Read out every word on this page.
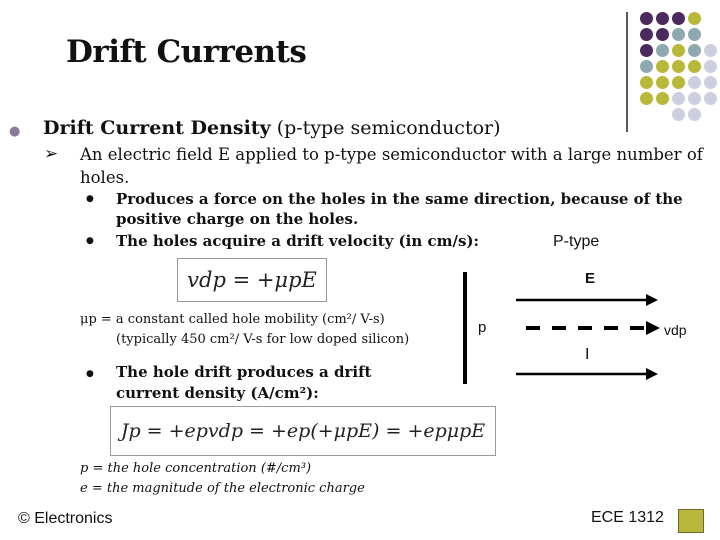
Drift Currents
● Drift Current Density (p-type semiconductor)
➢ An electric field E applied to p-type semiconductor with a large number of holes.
● Produces a force on the holes in the same direction, because of the positive charge on the holes.
● The holes acquire a drift velocity (in cm/s):
vdp = +μpE
μp = a constant called hole mobility (cm²/ V-s)
(typically 450 cm²/ V-s for low doped silicon)
● The hole drift produces a drift
current density (A/cm²):
Jp = +epvdp = +ep(+μpE) = +epμpE
p = the hole concentration (#/cm³)
e = the magnitude of the electronic charge
P-type
E
p
I
vdp
© Electronics	ECE 1312
